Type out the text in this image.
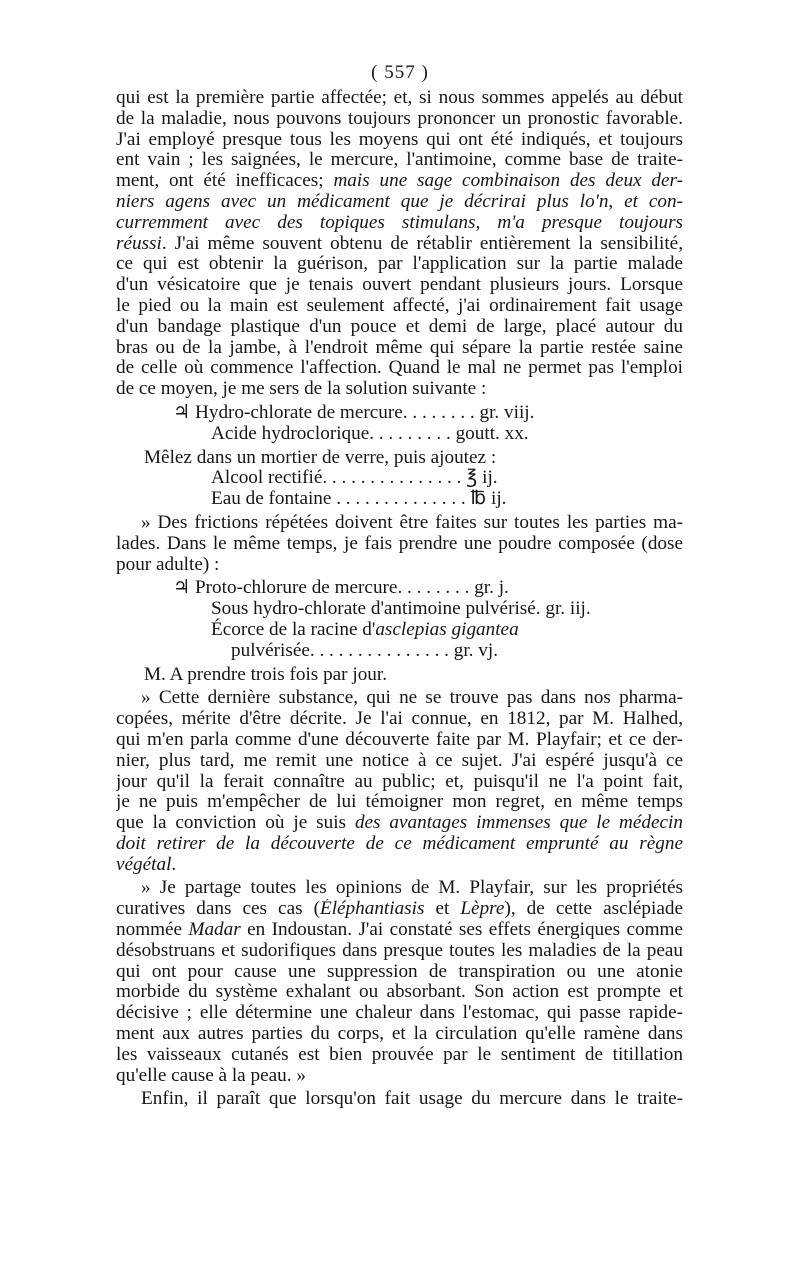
( 557 )
qui est la première partie affectée; et, si nous sommes appelés au début
de la maladie, nous pouvons toujours prononcer un pronostic favorable.
J'ai employé presque tous les moyens qui ont été indiqués, et toujours
ent vain ; les saignées, le mercure, l'antimoine, comme base de traite-
ment, ont été inefficaces; mais une sage combinaison des deux der-
niers agens avec un médicament que je décrirai plus lo'n, et con-
curremment avec des topiques stimulans, m'a presque toujours
réussi. J'ai même souvent obtenu de rétablir entièrement la sensibilité,
ce qui est obtenir la guérison, par l'application sur la partie malade
d'un vésicatoire que je tenais ouvert pendant plusieurs jours. Lorsque
le pied ou la main est seulement affecté, j'ai ordinairement fait usage
d'un bandage plastique d'un pouce et demi de large, placé autour du
bras ou de la jambe, à l'endroit même qui sépare la partie restée saine
de celle où commence l'affection. Quand le mal ne permet pas l'emploi
de ce moyen, je me sers de la solution suivante :
♃ Hydro-chlorate de mercure. . . . . . . . gr. viij.
Acide hydroclorique. . . . . . . . . goutt. xx.
Mêlez dans un mortier de verre, puis ajoutez :
Alcool rectifié. . . . . . . . . . . . . . . ℥ ij.
Eau de fontaine . . . . . . . . . . . . . . ℔ ij.
» Des frictions répétées doivent être faites sur toutes les parties ma-
lades. Dans le même temps, je fais prendre une poudre composée (dose
pour adulte) :
♃ Proto-chlorure de mercure. . . . . . . . gr. j.
Sous hydro-chlorate d'antimoine pulvérisé. gr. iij.
Écorce de la racine d'asclepias gigantea
pulvérisée. . . . . . . . . . . . . . . gr. vj.
M. A prendre trois fois par jour.
» Cette dernière substance, qui ne se trouve pas dans nos pharma-
copées, mérite d'être décrite. Je l'ai connue, en 1812, par M. Halhed,
qui m'en parla comme d'une découverte faite par M. Playfair; et ce der-
nier, plus tard, me remit une notice à ce sujet. J'ai espéré jusqu'à ce
jour qu'il la ferait connaître au public; et, puisqu'il ne l'a point fait,
je ne puis m'empêcher de lui témoigner mon regret, en même temps
que la conviction où je suis des avantages immenses que le médecin
doit retirer de la découverte de ce médicament emprunté au règne
végétal.
» Je partage toutes les opinions de M. Playfair, sur les propriétés
curatives dans ces cas (Éléphantiasis et Lèpre), de cette asclépiade
nommée Madar en Indoustan. J'ai constaté ses effets énergiques comme
désobstruans et sudorifiques dans presque toutes les maladies de la peau
qui ont pour cause une suppression de transpiration ou une atonie
morbide du système exhalant ou absorbant. Son action est prompte et
décisive ; elle détermine une chaleur dans l'estomac, qui passe rapide-
ment aux autres parties du corps, et la circulation qu'elle ramène dans
les vaisseaux cutanés est bien prouvée par le sentiment de titillation
qu'elle cause à la peau. »
Enfin, il paraît que lorsqu'on fait usage du mercure dans le traite-
